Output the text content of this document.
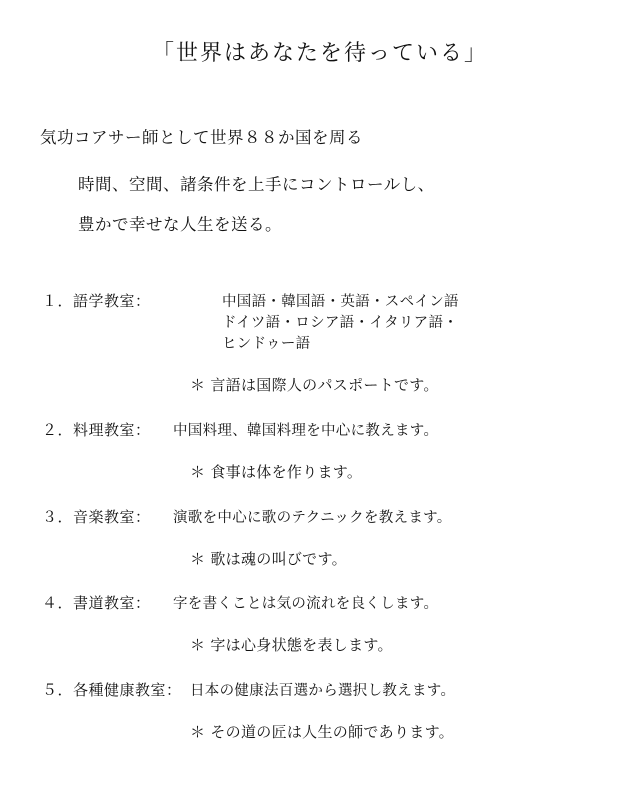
「世界はあなたを待っている」
気功コアサー師として世界８８か国を周る
時間、空間、諸条件を上手にコントロールし、
豊かで幸せな人生を送る。
１．語学教室：	中国語・韓国語・英語・スペイン語
ドイツ語・ロシア語・イタリア語・
ヒンドゥー語
＊ 言語は国際人のパスポートです。
２．料理教室： 中国料理、韓国料理を中心に教えます。
＊ 食事は体を作ります。
３．音楽教室： 演歌を中心に歌のテクニックを教えます。
＊ 歌は魂の叫びです。
４．書道教室： 字を書くことは気の流れを良くします。
＊ 字は心身状態を表します。
５．各種健康教室： 日本の健康法百選から選択し教えます。
＊ その道の匠は人生の師であります。
